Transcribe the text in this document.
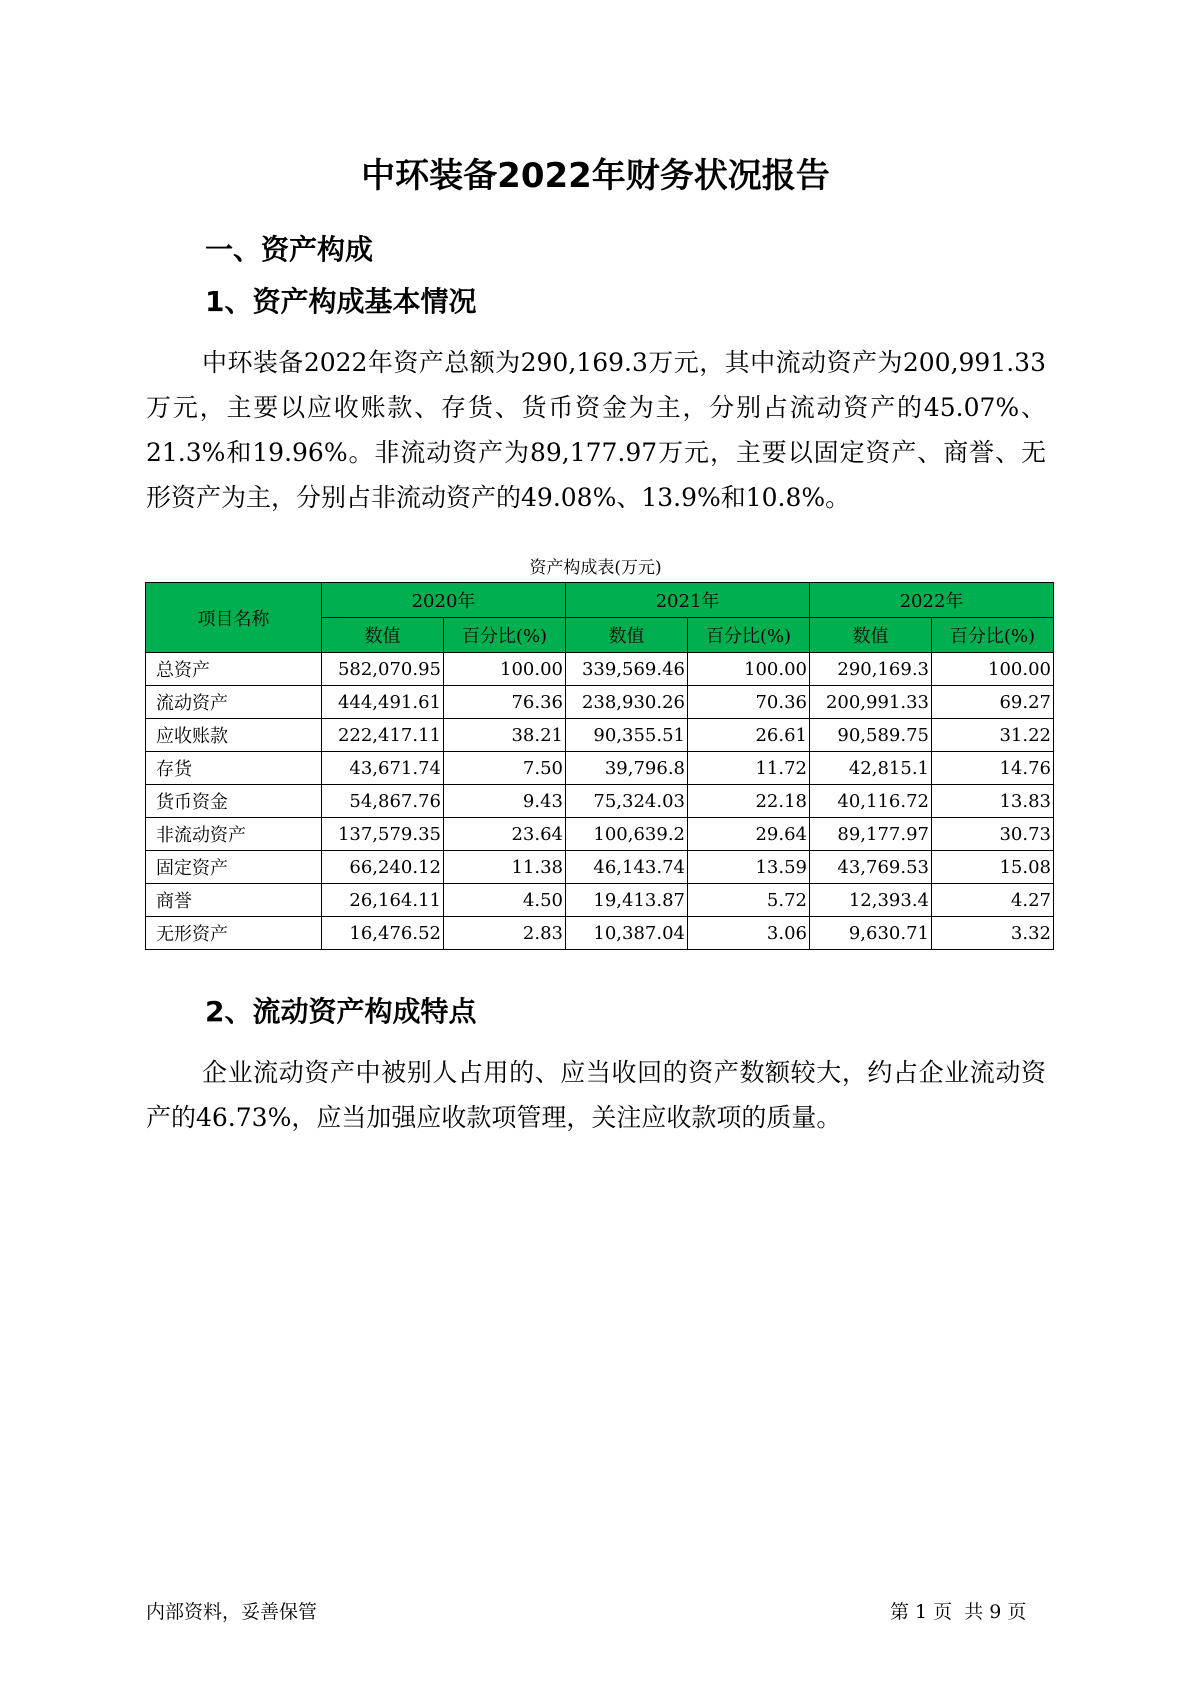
中环装备2022年财务状况报告
一、资产构成
1、资产构成基本情况

中环装备2022年资产总额为290,169.3万元，其中流动资产为200,991.33万元，主要以应收账款、存货、货币资金为主，分别占流动资产的45.07%、21.3%和19.96%。非流动资产为89,177.97万元，主要以固定资产、商誉、无形资产为主，分别占非流动资产的49.08%、13.9%和10.8%。

资产构成表(万元)
项目名称	2020年		2021年		2022年	
	数值	百分比(%)	数值	百分比(%)	数值	百分比(%)
总资产	582,070.95	100.00	339,569.46	100.00	290,169.3	100.00
流动资产	444,491.61	76.36	238,930.26	70.36	200,991.33	69.27
应收账款	222,417.11	38.21	90,355.51	26.61	90,589.75	31.22
存货	43,671.74	7.50	39,796.8	11.72	42,815.1	14.76
货币资金	54,867.76	9.43	75,324.03	22.18	40,116.72	13.83
非流动资产	137,579.35	23.64	100,639.2	29.64	89,177.97	30.73
固定资产	66,240.12	11.38	46,143.74	13.59	43,769.53	15.08
商誉	26,164.11	4.50	19,413.87	5.72	12,393.4	4.27
无形资产	16,476.52	2.83	10,387.04	3.06	9,630.71	3.32
2、流动资产构成特点

企业流动资产中被别人占用的、应当收回的资产数额较大，约占企业流动资产的46.73%，应当加强应收款项管理，关注应收款项的质量。

内部资料，妥善保管	第 1 页  共 9 页
